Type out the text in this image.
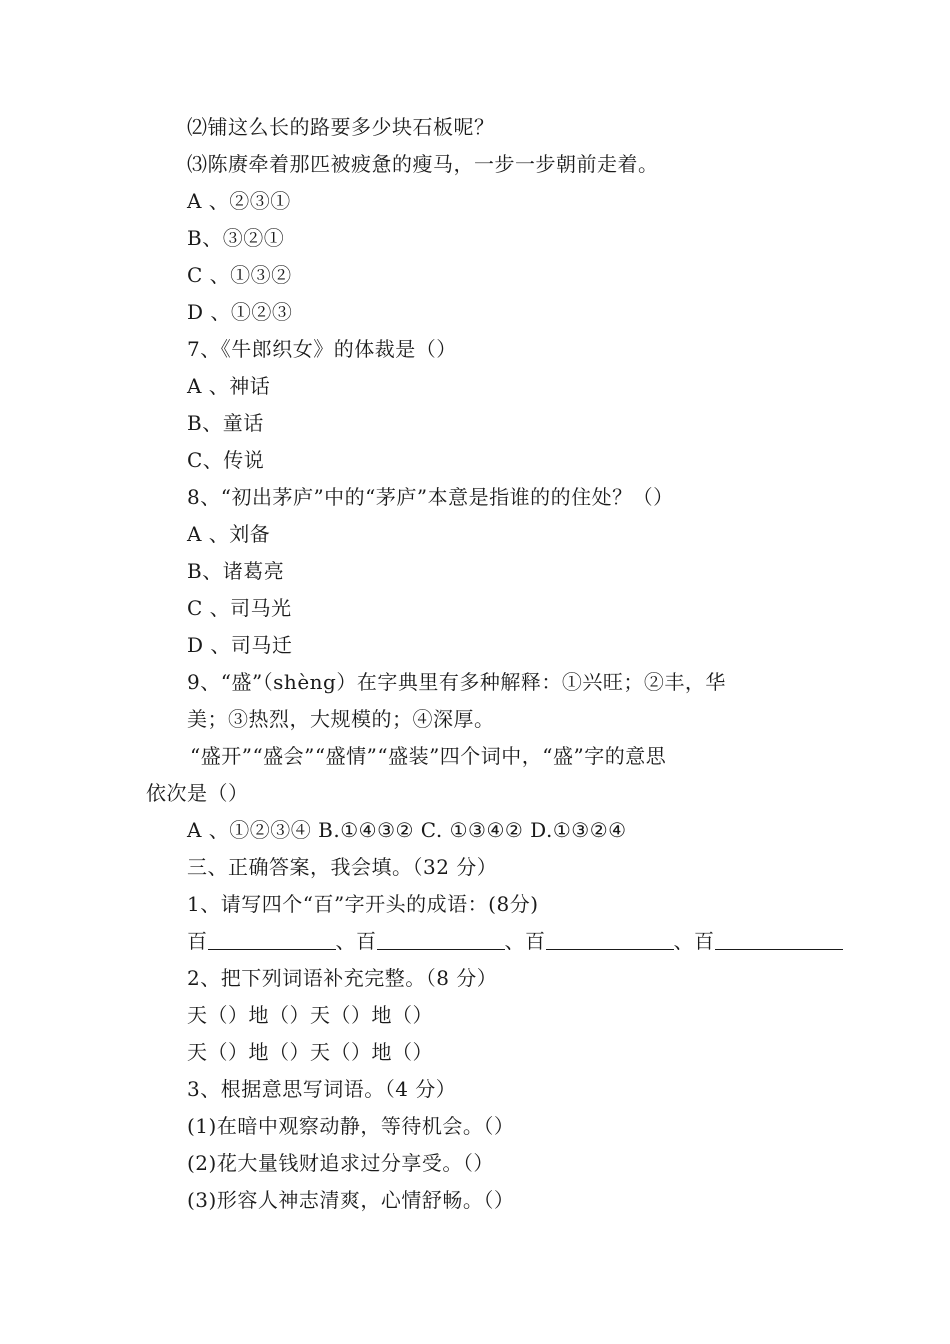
⑵铺这么长的路要多少块石板呢？
⑶陈赓牵着那匹被疲惫的瘦马，一步一步朝前走着。
A 、②③①
B、③②①
C 、①③②
D 、①②③
7、《牛郎织女》的体裁是（）
A 、神话
B、童话
C、传说
8、“初出茅庐”中的“茅庐”本意是指谁的的住处？（）
A 、刘备
B、诸葛亮
C 、司马光
D 、司马迁
9、“盛”（shèng）在字典里有多种解释：①兴旺；②丰，华
美；③热烈，大规模的；④深厚。
“盛开”“盛会”“盛情”“盛装”四个词中，“盛”字的意思
依次是（）
A 、①②③④ B.①④③② C. ①③④② D.①③②④
三、正确答案，我会填。（32 分）
1、请写四个“百”字开头的成语：(8分)
百	、百	、百	、百
2、把下列词语补充完整。（8 分）
天（）地（）天（）地（）
天（）地（）天（）地（）
3、根据意思写词语。（4 分）
(1)在暗中观察动静，等待机会。（）
(2)花大量钱财追求过分享受。（）
(3)形容人神志清爽，心情舒畅。（）
